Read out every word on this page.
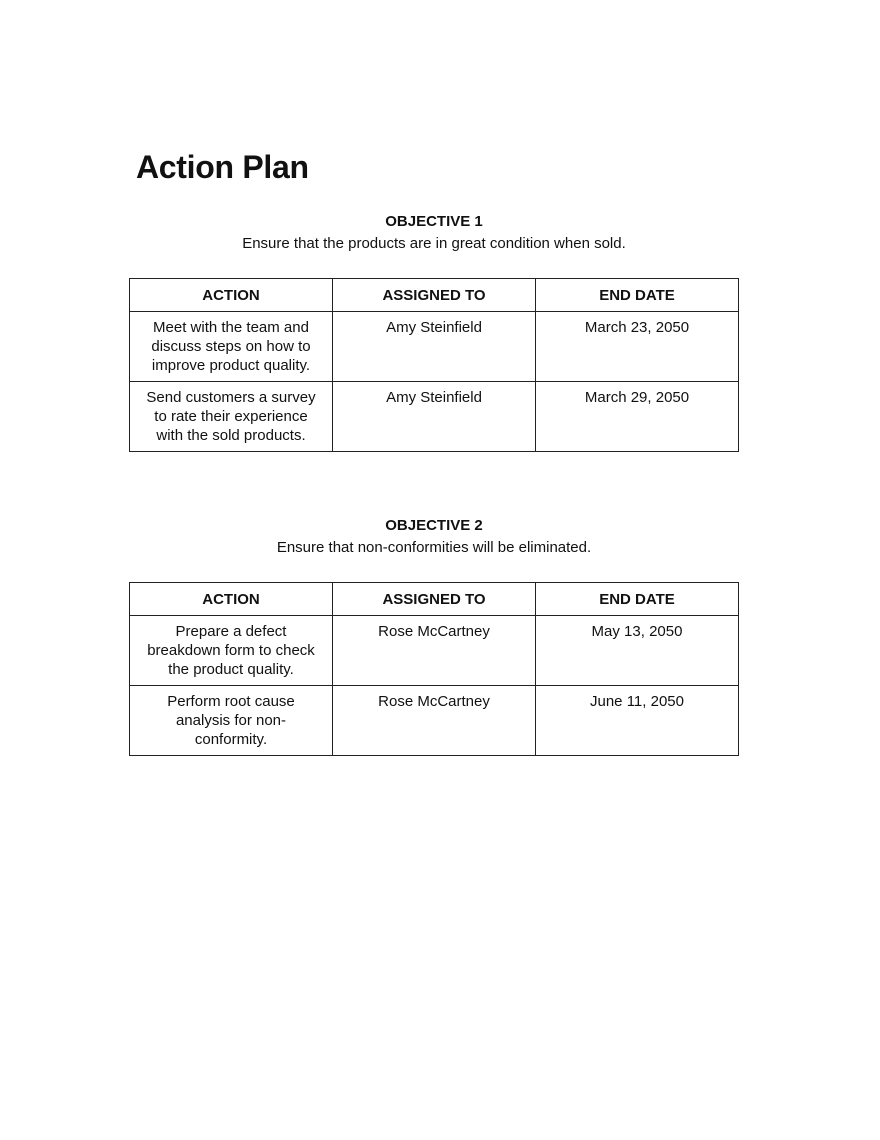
Action Plan

OBJECTIVE 1

Ensure that the products are in great condition when sold.

ACTION	ASSIGNED TO	END DATE
Meet with the team and discuss steps on how to improve product quality.	Amy Steinfield	March 23, 2050
Send customers a survey to rate their experience with the sold products.	Amy Steinfield	March 29, 2050

OBJECTIVE 2

Ensure that non-conformities will be eliminated.

ACTION	ASSIGNED TO	END DATE
Prepare a defect breakdown form to check the product quality.	Rose McCartney	May 13, 2050
Perform root cause analysis for non-conformity.	Rose McCartney	June 11, 2050
